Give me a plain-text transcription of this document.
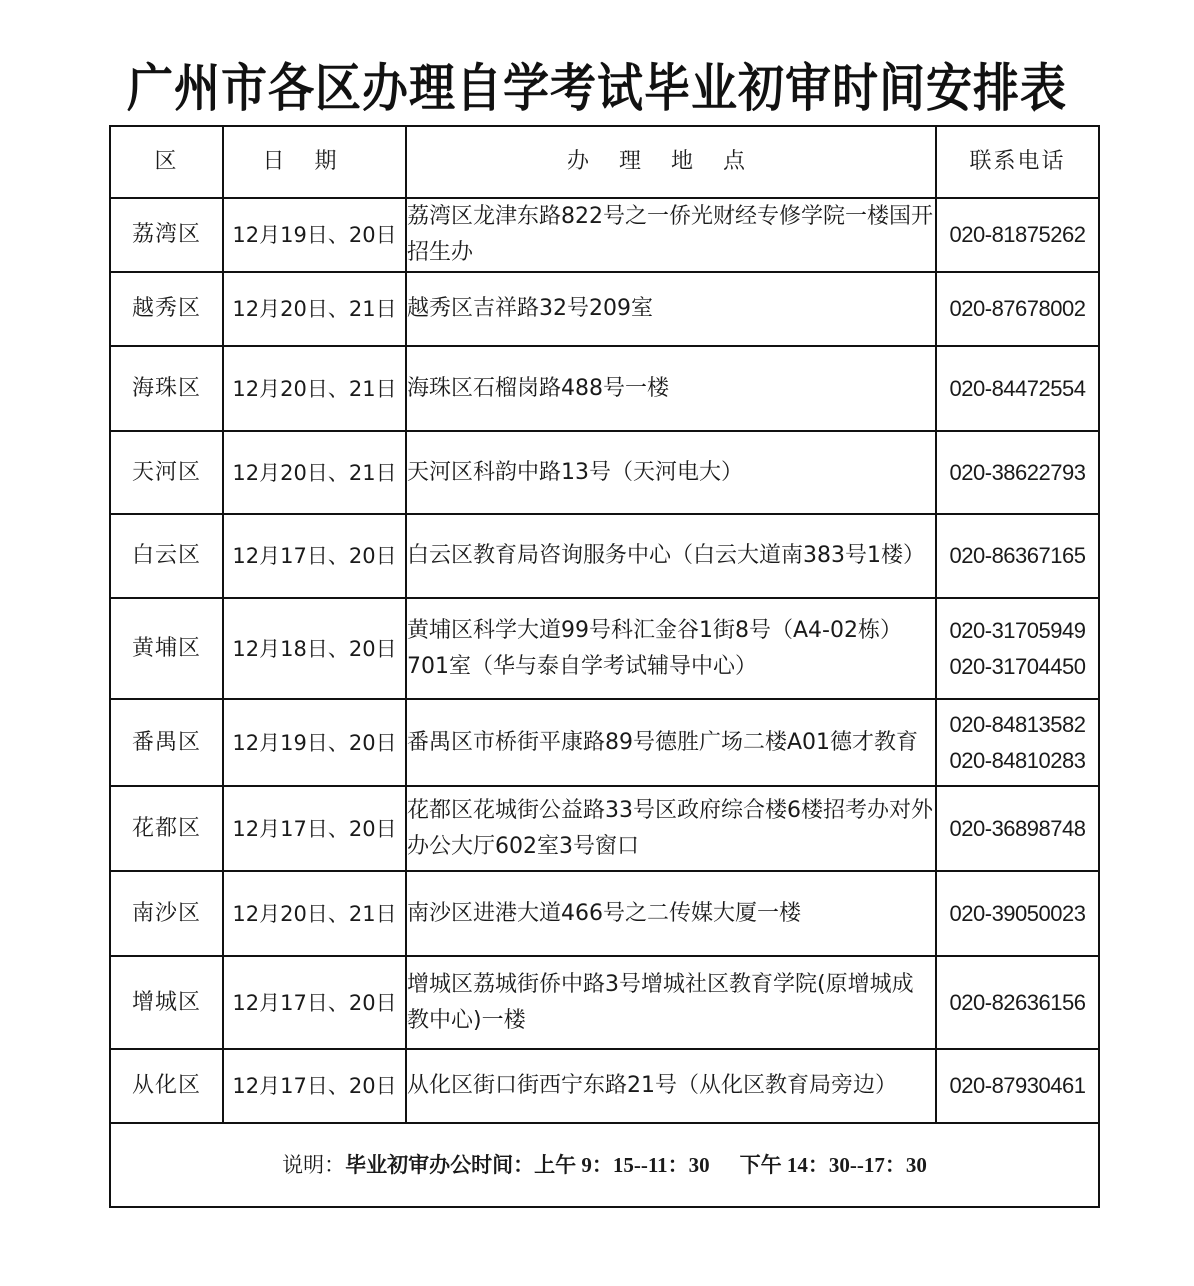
广州市各区办理自学考试毕业初审时间安排表
区	日期	办理地点	联系电话
荔湾区	12月19日、20日	荔湾区龙津东路822号之一侨光财经专修学院一楼国开招生办	020-81875262

越秀区	12月20日、21日	越秀区吉祥路32号209室	020-87678002

海珠区	12月20日、21日	海珠区石榴岗路488号一楼	020-84472554

天河区	12月20日、21日	天河区科韵中路13号（天河电大）	020-38622793

白云区	12月17日、20日	白云区教育局咨询服务中心（白云大道南383号1楼）	020-86367165

黄埔区	12月18日、20日	黄埔区科学大道99号科汇金谷1街8号（A4-02栋）701室（华与泰自学考试辅导中心）	020-31705949
020-31704450

番禺区	12月19日、20日	番禺区市桥街平康路89号德胜广场二楼A01德才教育	020-84813582
020-84810283

花都区	12月17日、20日	花都区花城街公益路33号区政府综合楼6楼招考办对外办公大厅602室3号窗口	020-36898748

南沙区	12月20日、21日	南沙区进港大道466号之二传媒大厦一楼	020-39050023

增城区	12月17日、20日	增城区荔城街侨中路3号增城社区教育学院(原增城成教中心)一楼	020-82636156

从化区	12月17日、20日	从化区街口街西宁东路21号（从化区教育局旁边）	020-87930461

说明：毕业初审办公时间：上午 9：15--11：30 下午 14：30--17：30			
